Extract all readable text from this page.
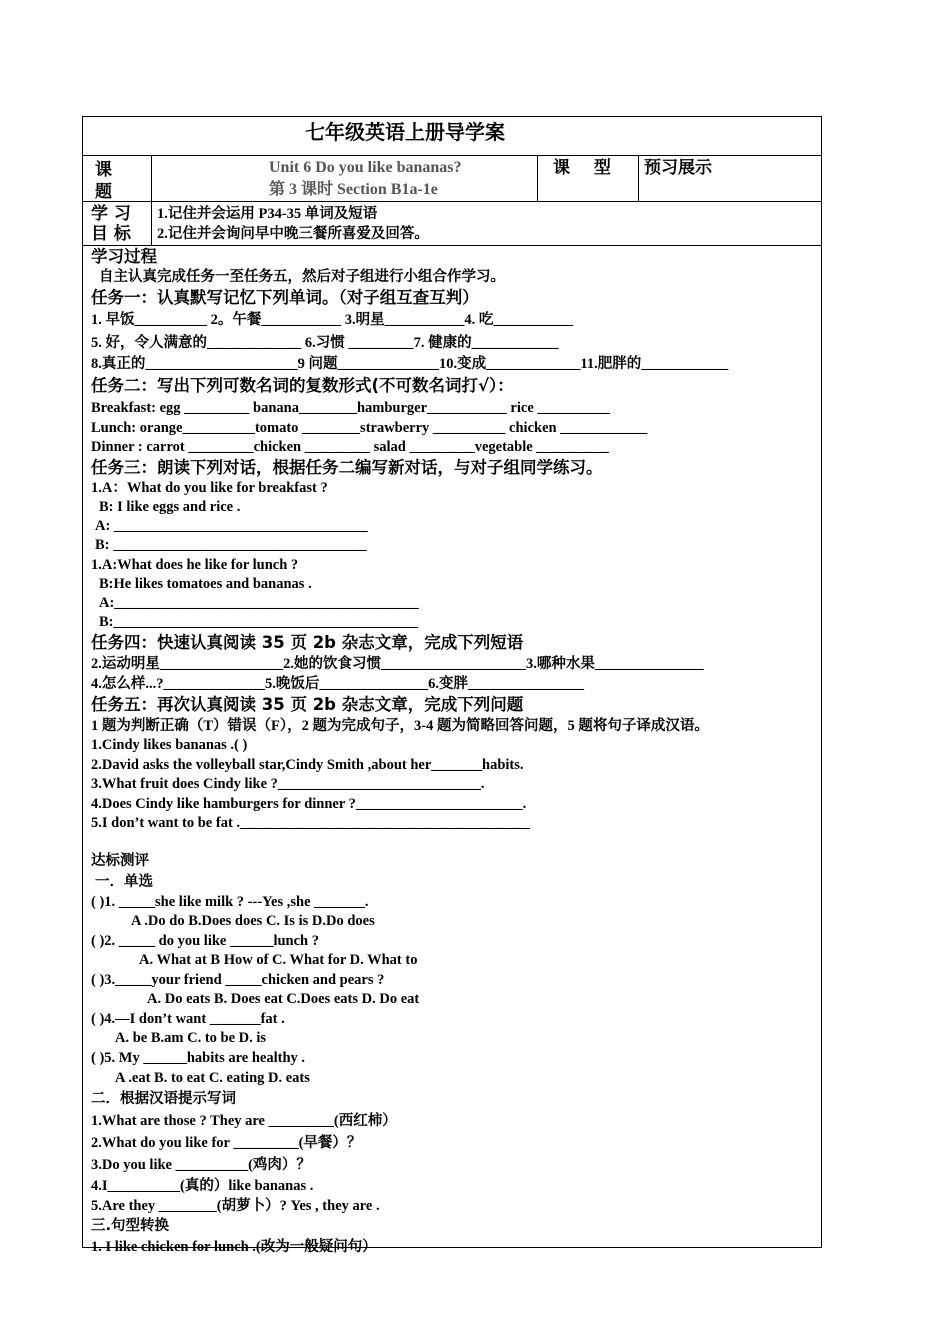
七年级英语上册导学案
课题
Unit 6 Do you like bananas?
第 3 课时 Section B1a-1e
课 型 预习展示
学 习
目 标
1.记住并会运用 P34-35 单词及短语
2.记住并会询问早中晚三餐所喜爱及回答。
学习过程
自主认真完成任务一至任务五，然后对子组进行小组合作学习。
任务一：认真默写记忆下列单词。（对子组互查互判）
1. 早饭__________ 2。午餐___________ 3.明星___________4. 吃___________
5. 好，令人满意的_____________ 6.习惯 _________7. 健康的____________
8.真正的_____________________9 问题______________10.变成_____________11.肥胖的____________
任务二：写出下列可数名词的复数形式(不可数名词打√）：
Breakfast: egg _________ banana________hamburger___________ rice __________
Lunch: orange__________tomato ________strawberry __________ chicken ____________
Dinner : carrot _________chicken _________ salad _________vegetable __________
任务三：朗读下列对话，根据任务二编写新对话，与对子组同学练习。
1.A：What do you like for breakfast ?
B: I like eggs and rice .
A: ___________________________________
B: ___________________________________
1.A:What does he like for lunch ?
B:He likes tomatoes and bananas .
A:__________________________________________
B:__________________________________________
任务四：快速认真阅读 35 页 2b 杂志文章，完成下列短语
2.运动明星_________________2.她的饮食习惯____________________3.哪种水果_______________
4.怎么样...?______________5.晚饭后_______________6.变胖________________
任务五：再次认真阅读 35 页 2b 杂志文章，完成下列问题
1 题为判断正确（T）错误（F），2 题为完成句子，3-4 题为简略回答问题，5 题将句子译成汉语。
1.Cindy likes bananas .( )
2.David asks the volleyball star,Cindy Smith ,about her_______habits.
3.What fruit does Cindy like ?____________________________.
4.Does Cindy like hamburgers for dinner ?_______________________.
5.I don’t want to be fat .________________________________________
达标测评
一．单选
( )1. _____she like milk ? ---Yes ,she _______.
A .Do do B.Does does C. Is is D.Do does
( )2. _____ do you like ______lunch ?
A. What at B How of C. What for D. What to
( )3._____your friend _____chicken and pears ?
A. Do eats B. Does eat C.Does eats D. Do eat
( )4.—I don’t want _______fat .
A. be B.am C. to be D. is
( )5. My ______habits are healthy .
A .eat B. to eat C. eating D. eats
二．根据汉语提示写词
1.What are those ? They are _________(西红柿）
2.What do you like for _________(早餐）？
3.Do you like __________(鸡肉）？
4.I__________(真的）like bananas .
5.Are they ________(胡萝卜）? Yes , they are .
三.句型转换
1. I like chicken for lunch .(改为一般疑问句）
